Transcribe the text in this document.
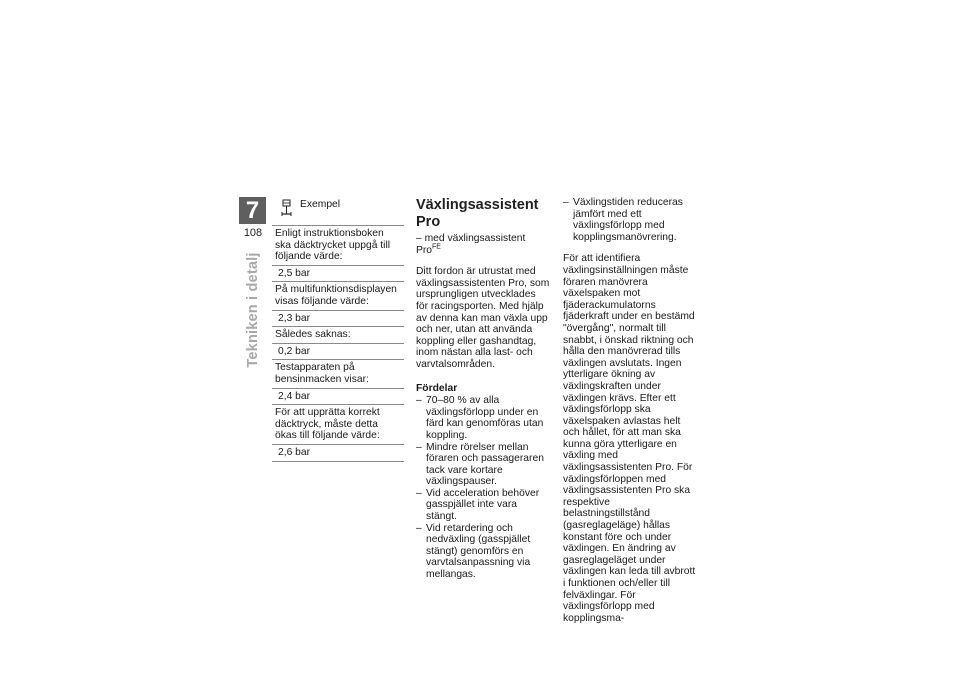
7
108
Tekniken i detalj
Exempel
Enligt instruktionsboken ska däcktrycket uppgå till följande värde:
2,5 bar
På multifunktionsdisplayen visas följande värde:
2,3 bar
Således saknas:
0,2 bar
Testapparaten på bensinmacken visar:
2,4 bar
För att upprätta korrekt däcktryck, måste detta ökas till följande värde:
2,6 bar
Växlingsassistent Pro
– med växlingsassistent Pro$^{FE}$

Ditt fordon är utrustat med växlingsassistenten Pro, som ursprungligen utvecklades för racingsporten. Med hjälp av denna kan man växla upp och ner, utan att använda koppling eller gashandtag, inom nästan alla last- och varvtalsområden.

Fördelar
– 70–80 % av alla växlingsförlopp under en färd kan genomföras utan koppling.
– Mindre rörelser mellan föraren och passageraren tack vare kortare växlingspauser.
– Vid acceleration behöver gasspjället inte vara stängt.
– Vid retardering och nedväxling (gasspjället stängt) genomförs en varvtalsanpassning via mellangas.
– Växlingstiden reduceras jämfört med ett växlingsförlopp med kopplingsmanövrering.

För att identifiera växlingsinställningen måste föraren manövrera växelspaken mot fjäderackumulatorns fjäderkraft under en bestämd "övergång", normalt till snabbt, i önskad riktning och hålla den manövrerad tills växlingen avslutats. Ingen ytterligare ökning av växlingskraften under växlingen krävs. Efter ett växlingsförlopp ska växelspaken avlastas helt och hållet, för att man ska kunna göra ytterligare en växling med växlingsassistenten Pro. För växlingsförloppen med växlingsassistenten Pro ska respektive belastningstillstånd (gasreglageläge) hållas konstant före och under växlingen. En ändring av gasreglageläget under växlingen kan leda till avbrott i funktionen och/eller till felväxlingar. För växlingsförlopp med kopplingsma-
